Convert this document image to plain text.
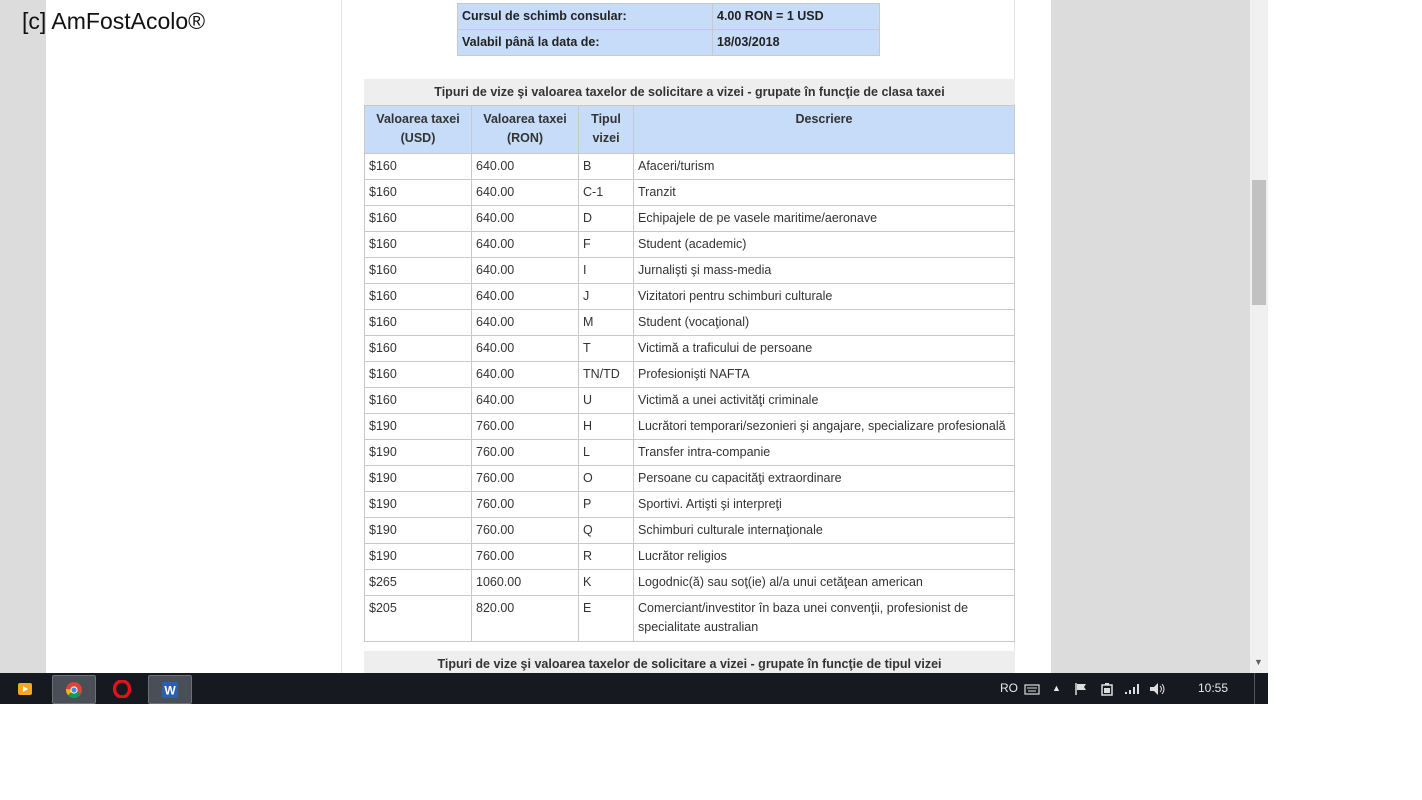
▼
Cursul de schimb consular:	4.00 RON = 1 USD
Valabil până la data de:	18/03/2018
Tipuri de vize şi valoarea taxelor de solicitare a vizei - grupate în funcţie de clasa taxei
Valoarea taxei (USD)	Valoarea taxei (RON)	Tipul vizei	Descriere
$160	640.00	B	Afaceri/turism
$160	640.00	C-1	Tranzit
$160	640.00	D	Echipajele de pe vasele maritime/aeronave
$160	640.00	F	Student (academic)
$160	640.00	I	Jurnalişti şi mass-media
$160	640.00	J	Vizitatori pentru schimburi culturale
$160	640.00	M	Student (vocaţional)
$160	640.00	T	Victimă a traficului de persoane
$160	640.00	TN/TD	Profesionişti NAFTA
$160	640.00	U	Victimă a unei activităţi criminale
$190	760.00	H	Lucrători temporari/sezonieri şi angajare, specializare profesională
$190	760.00	L	Transfer intra-companie
$190	760.00	O	Persoane cu capacităţi extraordinare
$190	760.00	P	Sportivi. Artişti şi interpreţi
$190	760.00	Q	Schimburi culturale internaţionale
$190	760.00	R	Lucrător religios
$265	1060.00	K	Logodnic(ă) sau soţ(ie) al/a unui cetăţean american
$205	820.00	E	Comerciant/investitor în baza unei convenţii, profesionist de specialitate australian
Tipuri de vize şi valoarea taxelor de solicitare a vizei - grupate în funcţie de tipul vizei
[c] AmFostAcolo®
W	RO	▲	10:55
